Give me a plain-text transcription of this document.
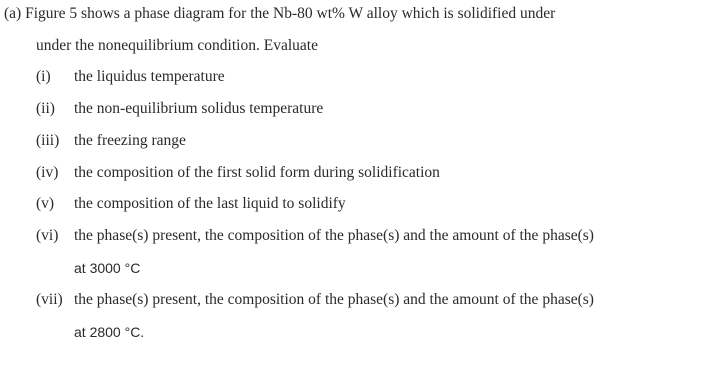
(a) Figure 5 shows a phase diagram for the Nb-80 wt% W alloy which is solidified under
under the nonequilibrium condition. Evaluate
(i) the liquidus temperature
(ii) the non-equilibrium solidus temperature
(iii) the freezing range
(iv) the composition of the first solid form during solidification
(v) the composition of the last liquid to solidify
(vi) the phase(s) present, the composition of the phase(s) and the amount of the phase(s)
at 3000 °C
(vii) the phase(s) present, the composition of the phase(s) and the amount of the phase(s)
at 2800 °C.
